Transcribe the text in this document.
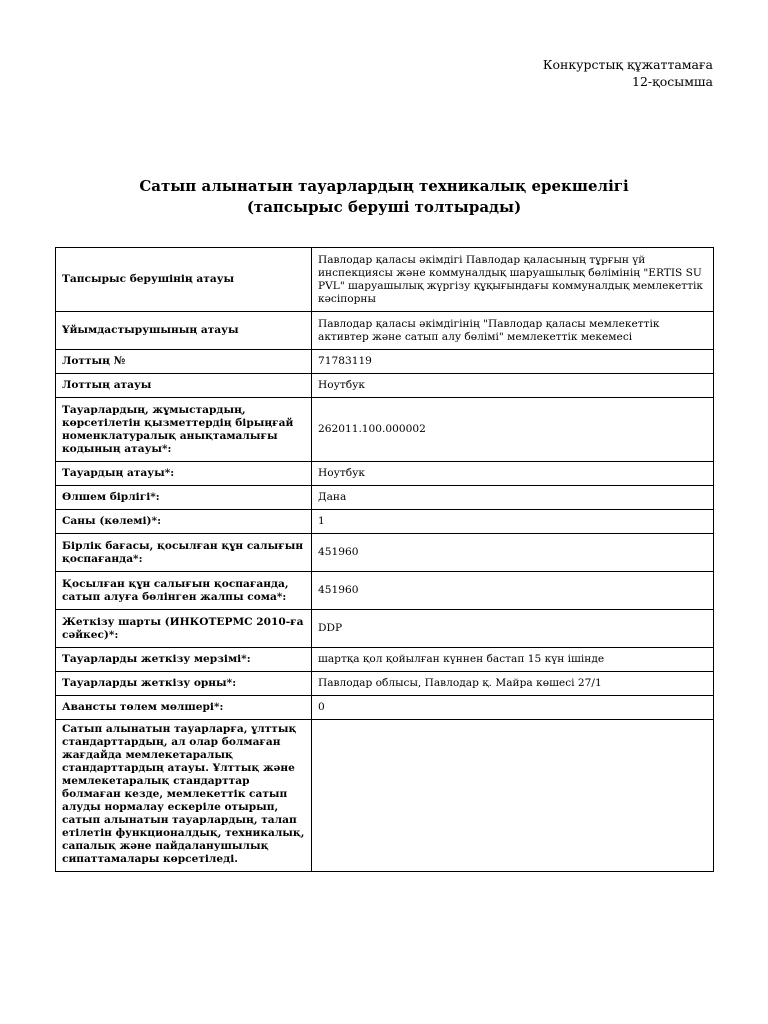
Конкурстық құжаттамаға
12-қосымша
Сатып алынатын тауарлардың техникалық ерекшелігі
(тапсырыс беруші толтырады)
Тапсырыс берушінің атауы	Павлодар қаласы әкімдігі Павлодар қаласының тұрғын үй инспекциясы және коммуналдық шаруашылық бөлімінің "ERTIS SU PVL" шаруашылық жүргізу құқығындағы коммуналдық мемлекеттік кәсіпорны
Ұйымдастырушының атауы	Павлодар қаласы әкімдігінің "Павлодар қаласы мемлекеттік активтер және сатып алу бөлімі" мемлекеттік мекемесі
Лоттың №	71783119
Лоттың атауы	Ноутбук
Тауарлардың, жұмыстардың, көрсетілетін қызметтердің бірыңғай номенклатуралық анықтамалығы кодының атауы*:	262011.100.000002
Тауардың атауы*:	Ноутбук
Өлшем бірлігі*:	Дана
Саны (көлемі)*:	1
Бірлік бағасы, қосылған құн салығын қоспағанда*:	451960
Қосылған құн салығын қоспағанда, сатып алуға бөлінген жалпы сома*:	451960
Жеткізу шарты (ИНКОТЕРМС 2010-ға сәйкес)*:	DDP
Тауарларды жеткізу мерзімі*:	шартқа қол қойылған күннен бастап 15 күн ішінде
Тауарларды жеткізу орны*:	Павлодар облысы, Павлодар қ. Майра көшесі 27/1
Авансты төлем мөлшері*:	0
Сатып алынатын тауарларға, ұлттық стандарттардың, ал олар болмаған жағдайда мемлекетаралық стандарттардың атауы. Ұлттық және мемлекетаралық стандарттар болмаған кезде, мемлекеттік сатып алуды нормалау ескеріле отырып, сатып алынатын тауарлардың, талап етілетін функционалдық, техникалық, сапалық және пайдаланушылық сипаттамалары көрсетіледі.	
